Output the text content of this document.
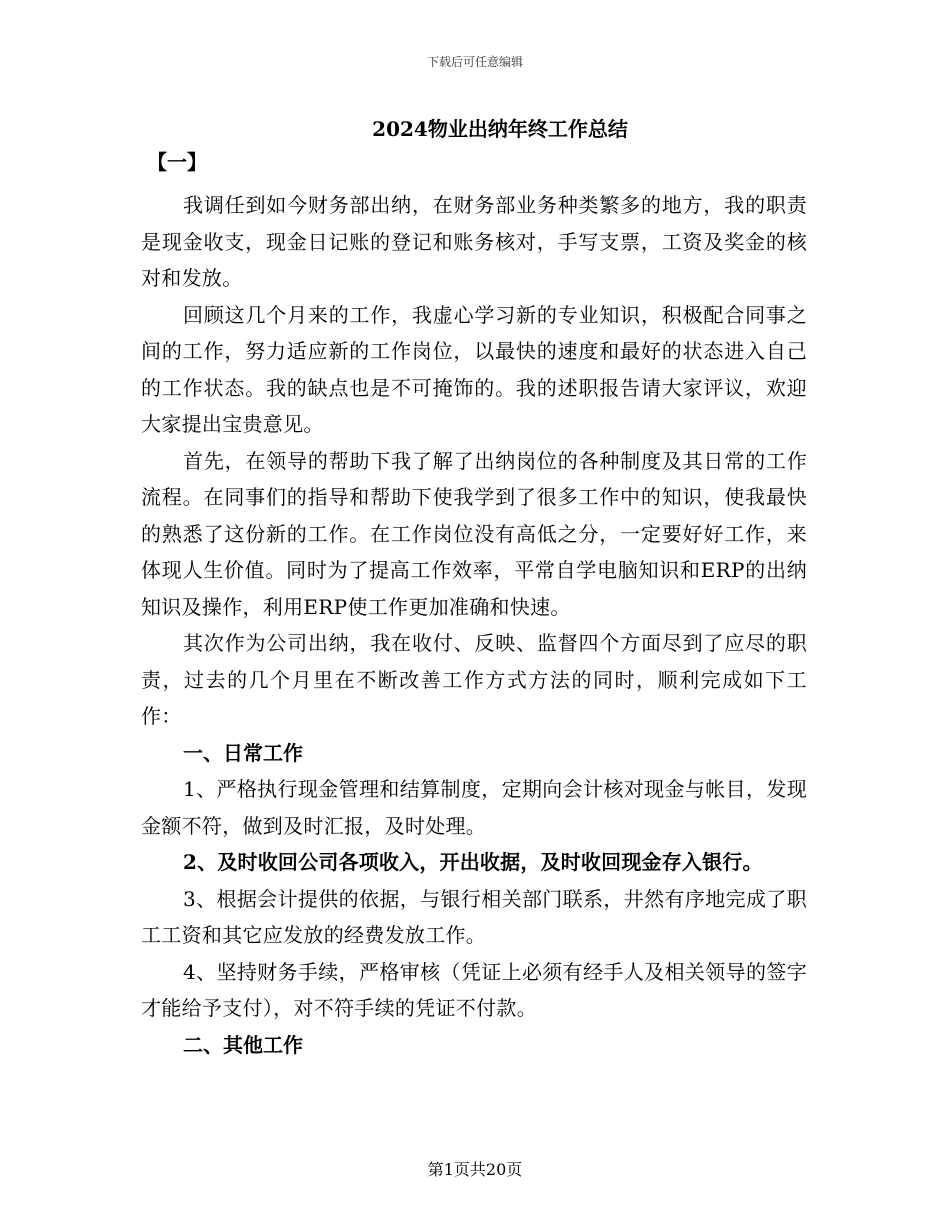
下载后可任意编辑
2024物业出纳年终工作总结
【一】

我调任到如今财务部出纳，在财务部业务种类繁多的地方，我的职责是现金收支，现金日记账的登记和账务核对，手写支票，工资及奖金的核对和发放。

回顾这几个月来的工作，我虚心学习新的专业知识，积极配合同事之间的工作，努力适应新的工作岗位，以最快的速度和最好的状态进入自己的工作状态。我的缺点也是不可掩饰的。我的述职报告请大家评议，欢迎大家提出宝贵意见。

首先，在领导的帮助下我了解了出纳岗位的各种制度及其日常的工作流程。在同事们的指导和帮助下使我学到了很多工作中的知识，使我最快的熟悉了这份新的工作。在工作岗位没有高低之分，一定要好好工作，来体现人生价值。同时为了提高工作效率，平常自学电脑知识和ERP的出纳知识及操作，利用ERP使工作更加准确和快速。

其次作为公司出纳，我在收付、反映、监督四个方面尽到了应尽的职责，过去的几个月里在不断改善工作方式方法的同时，顺利完成如下工作：

一、日常工作

1、严格执行现金管理和结算制度，定期向会计核对现金与帐目，发现金额不符，做到及时汇报，及时处理。

2、及时收回公司各项收入，开出收据，及时收回现金存入银行。

3、根据会计提供的依据，与银行相关部门联系，井然有序地完成了职工工资和其它应发放的经费发放工作。

4、坚持财务手续，严格审核（凭证上必须有经手人及相关领导的签字才能给予支付），对不符手续的凭证不付款。

二、其他工作
第1页共20页
